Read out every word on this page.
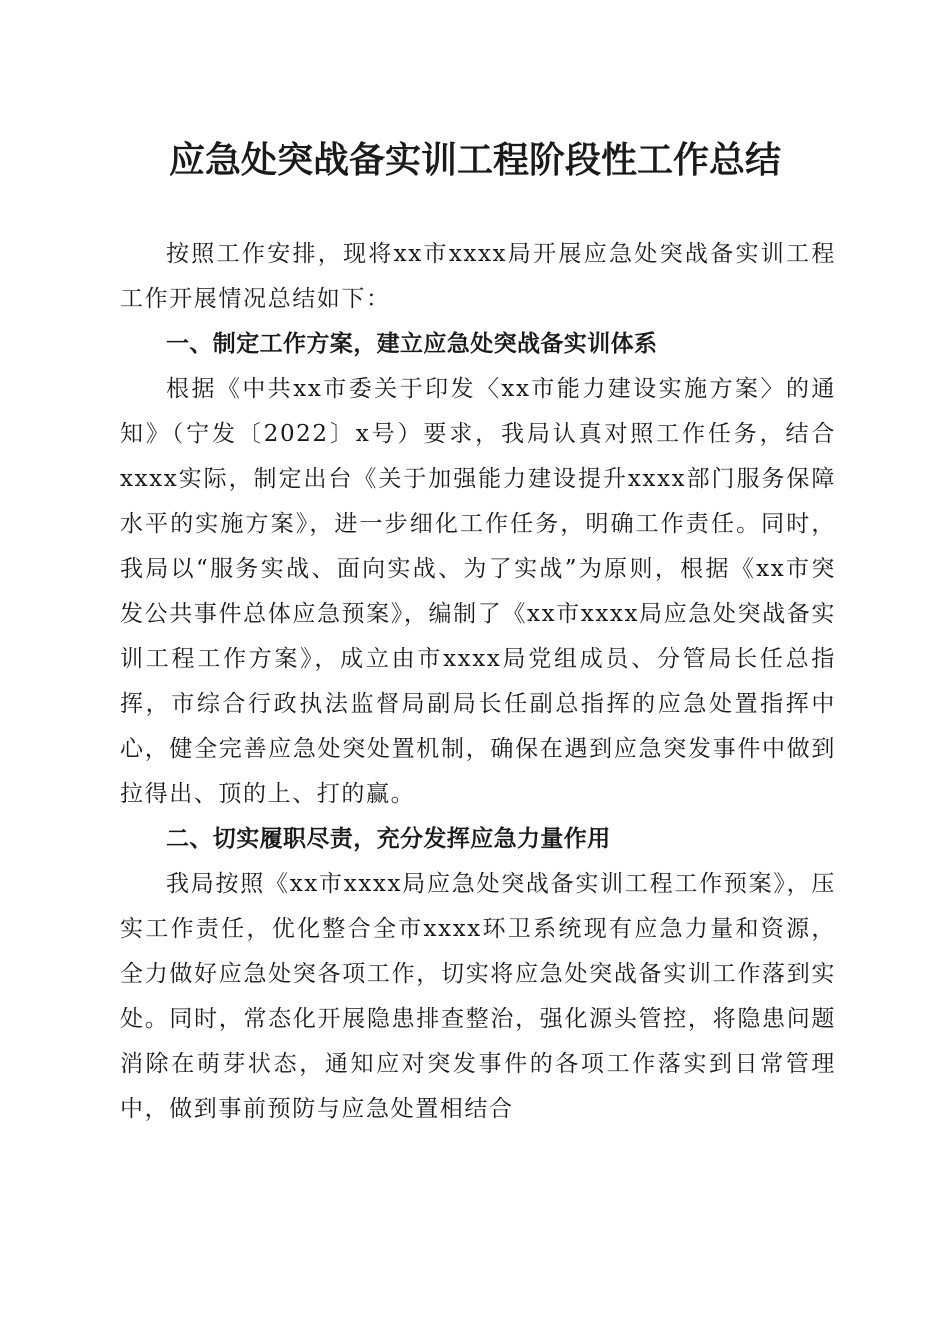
应急处突战备实训工程阶段性工作总结

按照工作安排，现将xx市xxxx局开展应急处突战备实训工程工作开展情况总结如下：

一、制定工作方案，建立应急处突战备实训体系

根据《中共xx市委关于印发〈xx市能力建设实施方案〉的通知》（宁发〔2022〕x号）要求，我局认真对照工作任务，结合xxxx实际，制定出台《关于加强能力建设提升xxxx部门服务保障水平的实施方案》，进一步细化工作任务，明确工作责任。同时，我局以“服务实战、面向实战、为了实战”为原则，根据《xx市突发公共事件总体应急预案》，编制了《xx市xxxx局应急处突战备实训工程工作方案》，成立由市xxxx局党组成员、分管局长任总指挥，市综合行政执法监督局副局长任副总指挥的应急处置指挥中心，健全完善应急处突处置机制，确保在遇到应急突发事件中做到拉得出、顶的上、打的赢。

二、切实履职尽责，充分发挥应急力量作用

我局按照《xx市xxxx局应急处突战备实训工程工作预案》，压实工作责任，优化整合全市xxxx环卫系统现有应急力量和资源，全力做好应急处突各项工作，切实将应急处突战备实训工作落到实处。同时，常态化开展隐患排查整治，强化源头管控，将隐患问题消除在萌芽状态，通知应对突发事件的各项工作落实到日常管理中，做到事前预防与应急处置相结合
